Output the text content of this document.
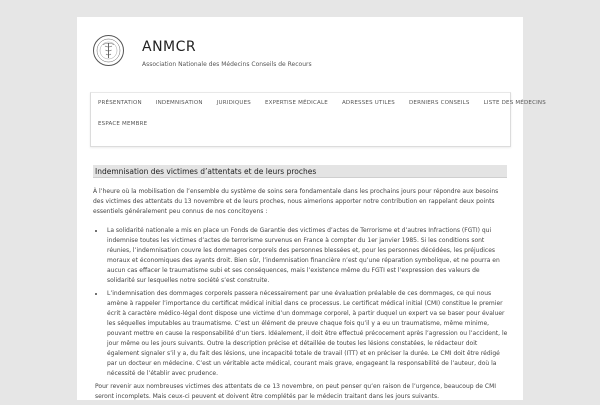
ANMCR
Association Nationale des Médecins Conseils de Recours
PRÉSENTATION	INDEMNISATION	JURIDIQUES	EXPERTISE MÉDICALE	ADRESSES UTILES	DERNIERS CONSEILS	LISTE DES MÉDECINS
ESPACE MEMBRE
Indemnisation des victimes d’attentats et de leurs proches

À l’heure où la mobilisation de l’ensemble du système de soins sera fondamentale dans les prochains jours pour répondre aux besoins des victimes des attentats du 13 novembre et de leurs proches, nous aimerions apporter notre contribution en rappelant deux points essentiels généralement peu connus de nos concitoyens :

• La solidarité nationale a mis en place un Fonds de Garantie des victimes d’actes de Terrorisme et d’autres Infractions (FGTI) qui indemnise toutes les victimes d’actes de terrorisme survenus en France à compter du 1er janvier 1985. Si les conditions sont réunies, l’indemnisation couvre les dommages corporels des personnes blessées et, pour les personnes décédées, les préjudices moraux et économiques des ayants droit. Bien sûr, l’indemnisation financière n’est qu’une réparation symbolique, et ne pourra en aucun cas effacer le traumatisme subi et ses conséquences, mais l’existence même du FGTI est l’expression des valeurs de solidarité sur lesquelles notre société s’est construite.
• L’indemnisation des dommages corporels passera nécessairement par une évaluation préalable de ces dommages, ce qui nous amène à rappeler l’importance du certificat médical initial dans ce processus. Le certificat médical initial (CMI) constitue le premier écrit à caractère médico-légal dont dispose une victime d’un dommage corporel, à partir duquel un expert va se baser pour évaluer les séquelles imputables au traumatisme. C’est un élément de preuve chaque fois qu’il y a eu un traumatisme, même minime, pouvant mettre en cause la responsabilité d’un tiers. Idéalement, il doit être effectué précocement après l’agression ou l’accident, le jour même ou les jours suivants. Outre la description précise et détaillée de toutes les lésions constatées, le rédacteur doit également signaler s’il y a, du fait des lésions, une incapacité totale de travail (ITT) et en préciser la durée. Le CMI doit être rédigé par un docteur en médecine. C’est un véritable acte médical, courant mais grave, engageant la responsabilité de l’auteur, doù la nécessité de l’établir avec prudence.
Pour revenir aux nombreuses victimes des attentats de ce 13 novembre, on peut penser qu’en raison de l’urgence, beaucoup de CMI seront incomplets. Mais ceux-ci peuvent et doivent être complétés par le médecin traitant dans les jours suivants.
